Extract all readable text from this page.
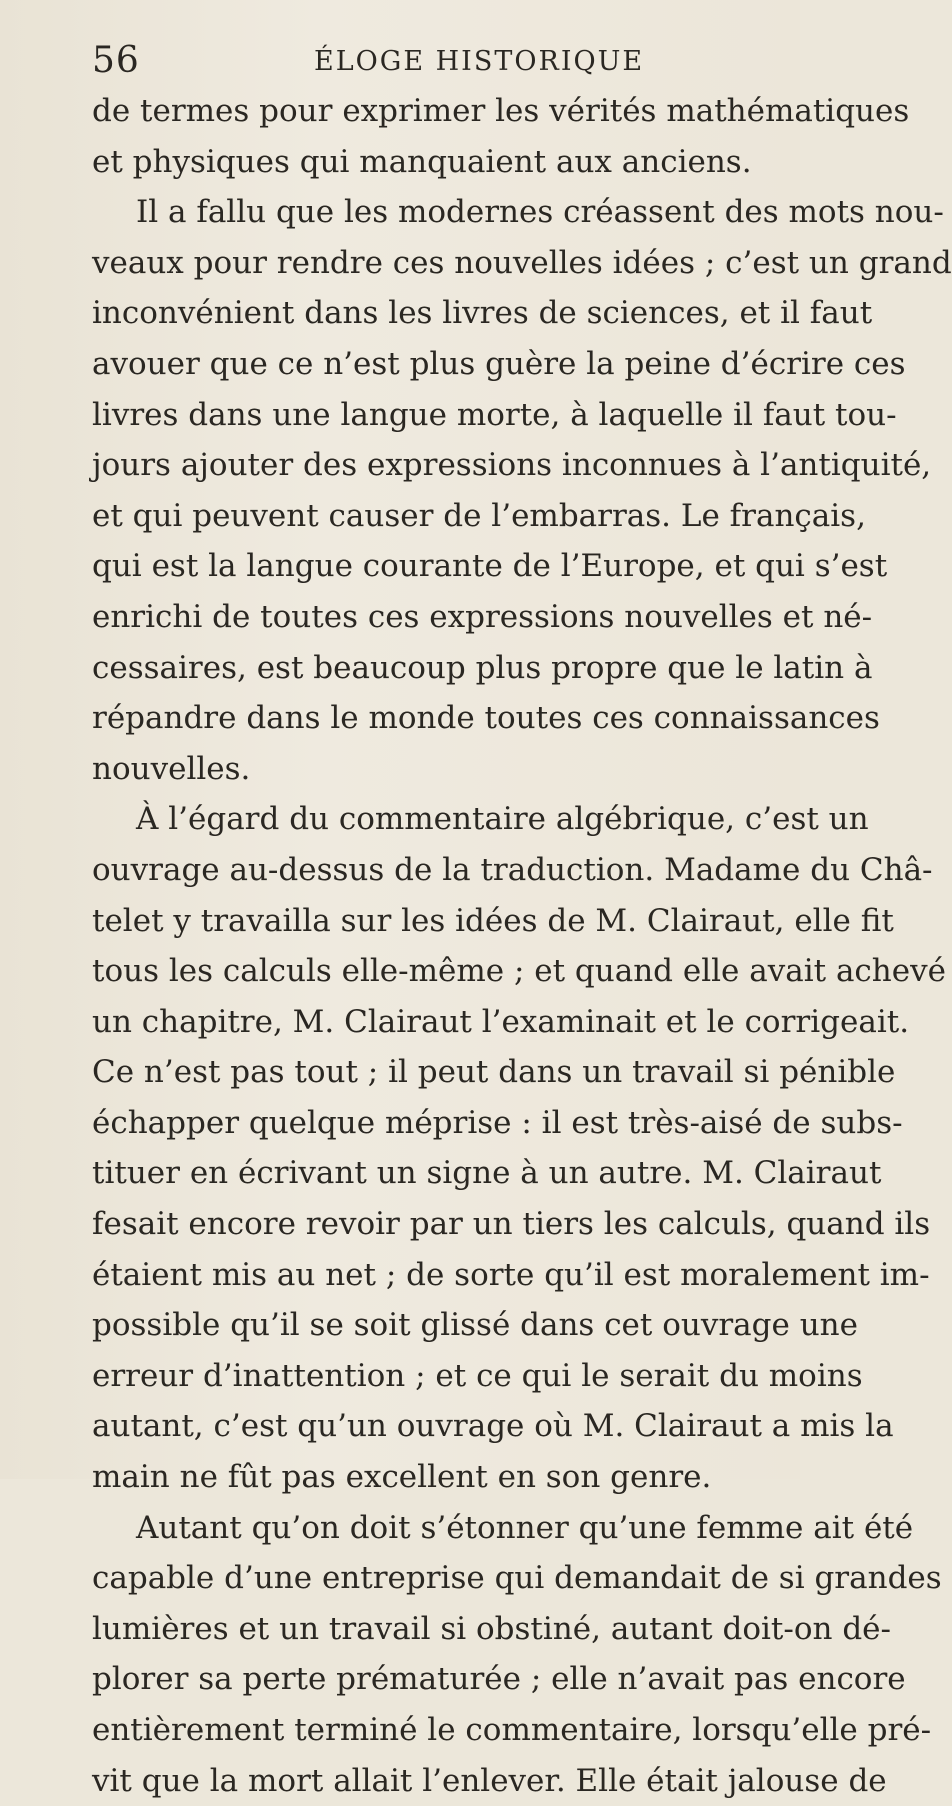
56	ÉLOGE HISTORIQUE
de termes pour exprimer les vérités mathématiques
et physiques qui manquaient aux anciens.
Il a fallu que les modernes créassent des mots nou-
veaux pour rendre ces nouvelles idées ; c’est un grand
inconvénient dans les livres de sciences, et il faut
avouer que ce n’est plus guère la peine d’écrire ces
livres dans une langue morte, à laquelle il faut tou-
jours ajouter des expressions inconnues à l’antiquité,
et qui peuvent causer de l’embarras. Le français,
qui est la langue courante de l’Europe, et qui s’est
enrichi de toutes ces expressions nouvelles et né-
cessaires, est beaucoup plus propre que le latin à
répandre dans le monde toutes ces connaissances
nouvelles.
À l’égard du commentaire algébrique, c’est un
ouvrage au-dessus de la traduction. Madame du Châ-
telet y travailla sur les idées de M. Clairaut, elle fit
tous les calculs elle-même ; et quand elle avait achevé
un chapitre, M. Clairaut l’examinait et le corrigeait.
Ce n’est pas tout ; il peut dans un travail si pénible
échapper quelque méprise : il est très-aisé de subs-
tituer en écrivant un signe à un autre. M. Clairaut
fesait encore revoir par un tiers les calculs, quand ils
étaient mis au net ; de sorte qu’il est moralement im-
possible qu’il se soit glissé dans cet ouvrage une
erreur d’inattention ; et ce qui le serait du moins
autant, c’est qu’un ouvrage où M. Clairaut a mis la
main ne fût pas excellent en son genre.
Autant qu’on doit s’étonner qu’une femme ait été
capable d’une entreprise qui demandait de si grandes
lumières et un travail si obstiné, autant doit-on dé-
plorer sa perte prématurée ; elle n’avait pas encore
entièrement terminé le commentaire, lorsqu’elle pré-
vit que la mort allait l’enlever. Elle était jalouse de
